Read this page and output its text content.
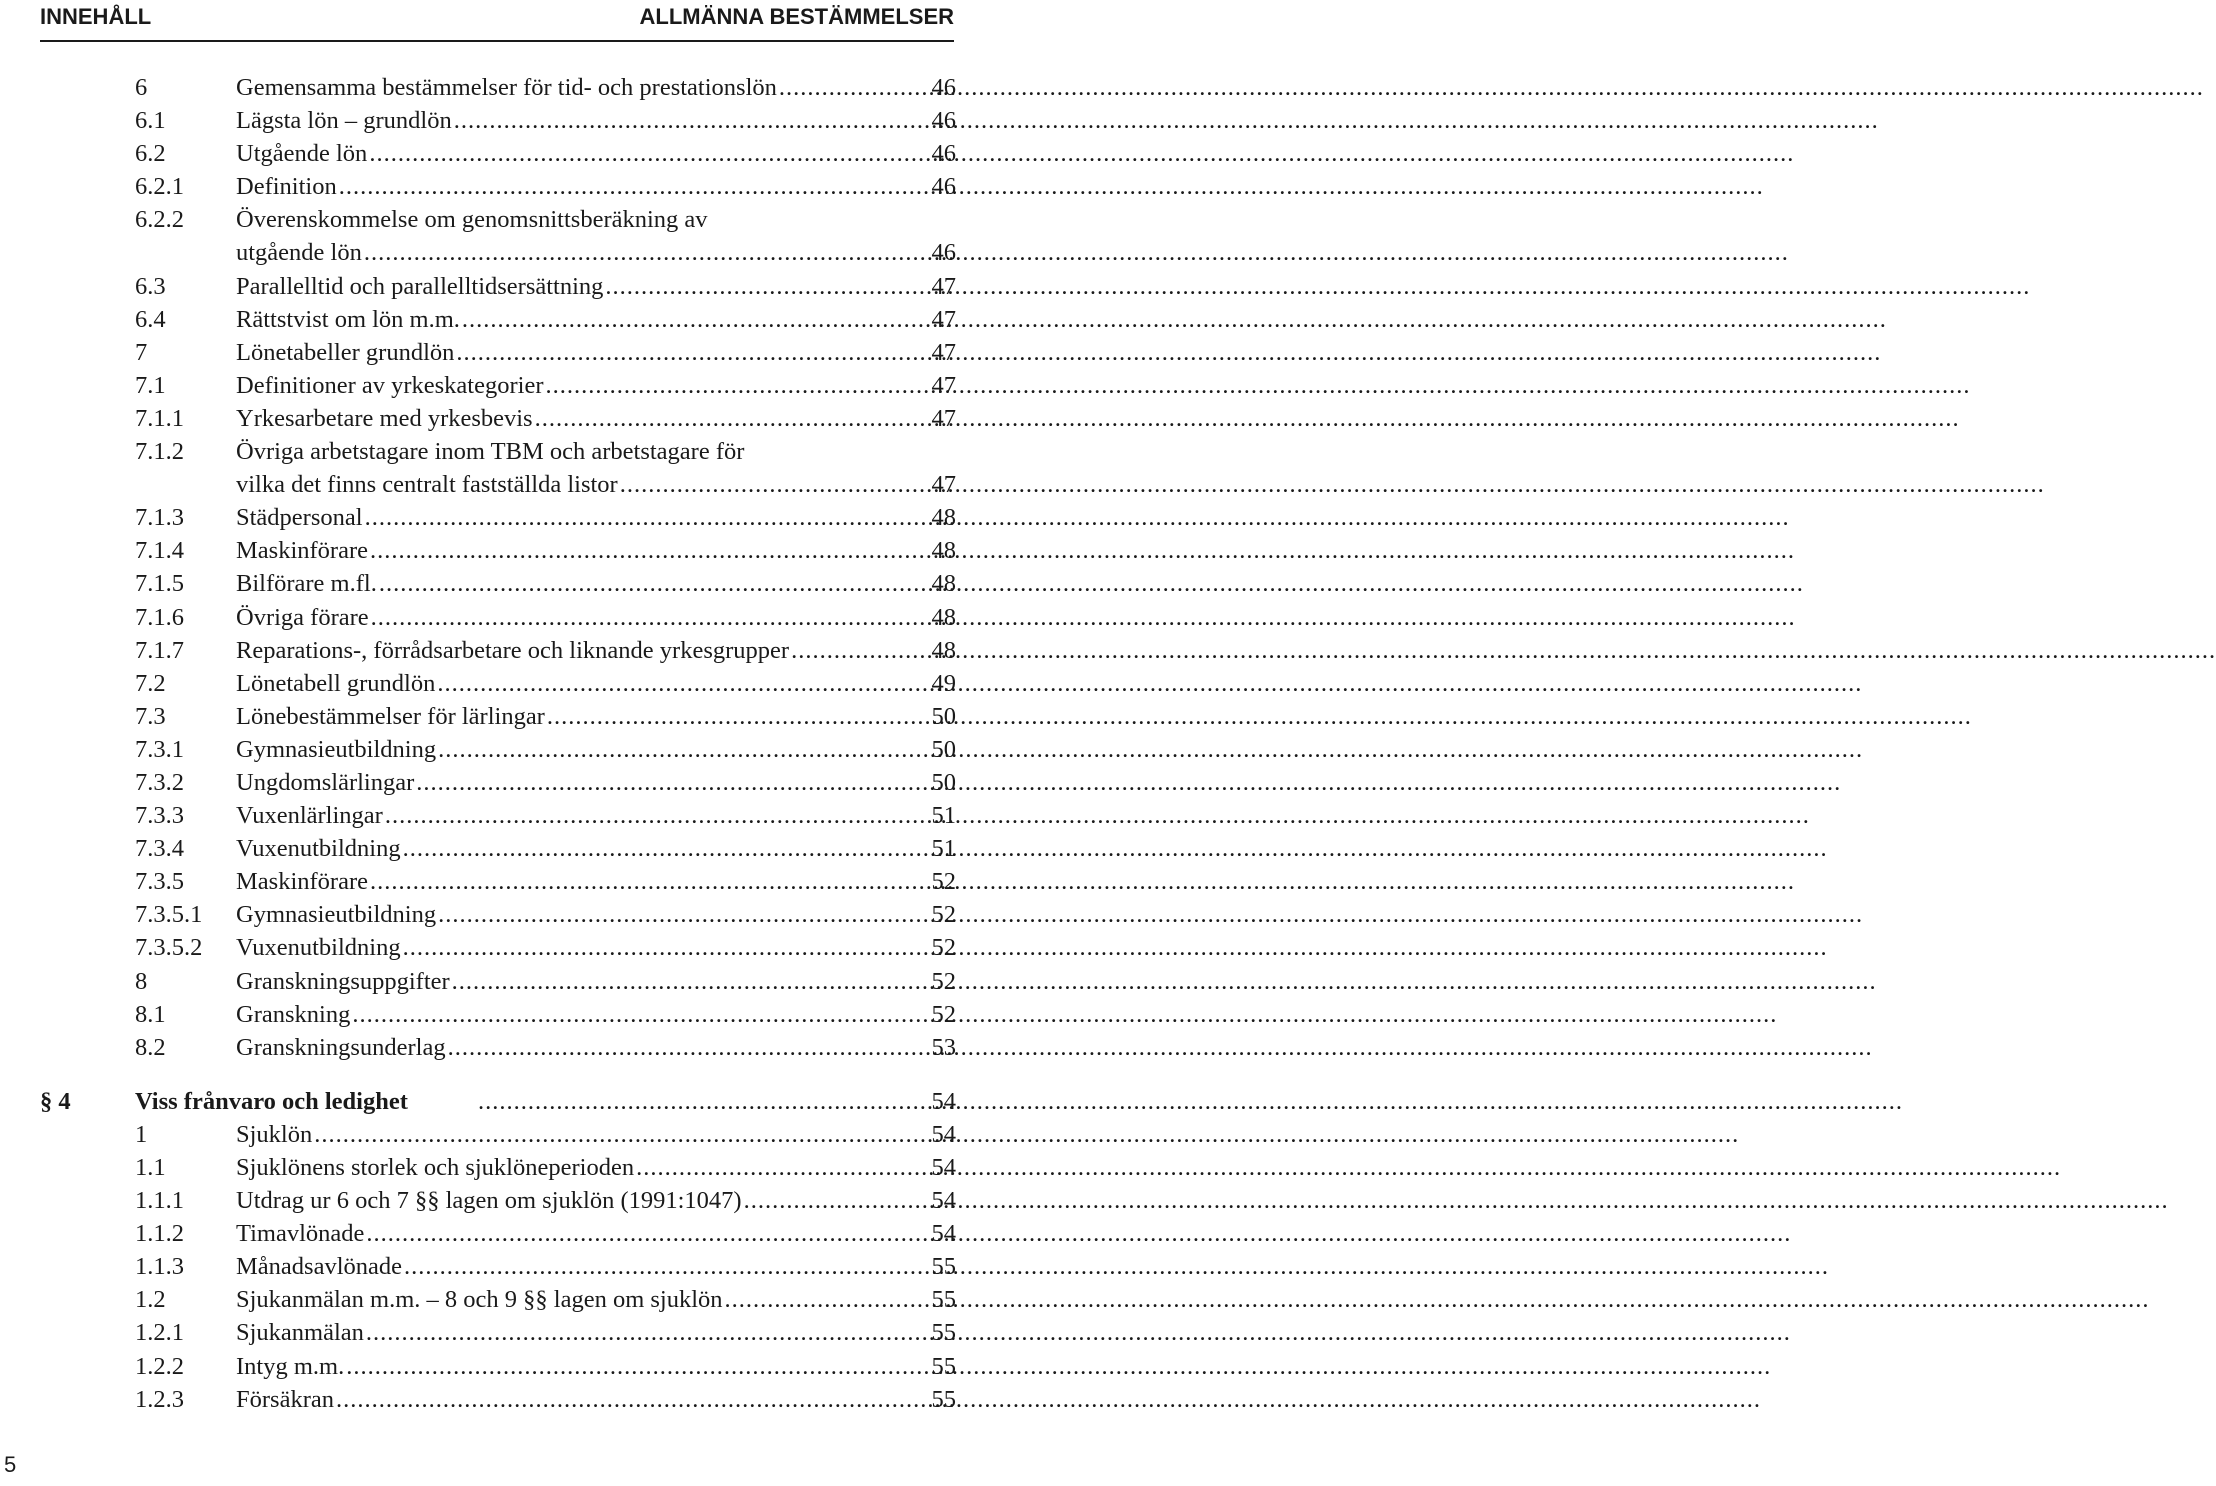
INNEHÅLL	ALLMÄNNA BESTÄMMELSER
6	Gemensamma bestämmelser för tid- och prestationslön .....	46
6.1	Lägsta lön – grundlön .....	46
6.2	Utgående lön .....	46
6.2.1 Definition .....	46
6.2.2 Överenskommelse om genomsnittsberäkning av
utgående lön .....	46
6.3	Parallelltid och parallelltidsersättning .....	47
6.4	Rättstvist om lön m.m. .....	47
7	Lönetabeller grundlön .....	47
7.1	Definitioner av yrkeskategorier .....	47
7.1.1 Yrkesarbetare med yrkesbevis .....	47
7.1.2 Övriga arbetstagare inom TBM och arbetstagare för
vilka det finns centralt fastställda listor .....	47
7.1.3 Städpersonal .....	48
7.1.4 Maskinförare .....	48
7.1.5 Bilförare m.fl. .....	48
7.1.6 Övriga förare .....	48
7.1.7 Reparations-, förrådsarbetare och liknande yrkesgrupper .....	48
7.2	Lönetabell grundlön .....	49
7.3	Lönebestämmelser för lärlingar .....	50
7.3.1 Gymnasieutbildning .....	50
7.3.2 Ungdomslärlingar .....	50
7.3.3 Vuxenlärlingar .....	51
7.3.4 Vuxenutbildning .....	51
7.3.5 Maskinförare .....	52
7.3.5.1 Gymnasieutbildning .....	52
7.3.5.2 Vuxenutbildning .....	52
8	Granskningsuppgifter .....	52
8.1	Granskning .....	52
8.2	Granskningsunderlag .....	53
§ 4	Viss frånvaro och ledighet .....	54
1	Sjuklön .....	54
1.1	Sjuklönens storlek och sjuklöneperioden .....	54
1.1.1 Utdrag ur 6 och 7 §§ lagen om sjuklön (1991:1047) .....	54
1.1.2 Timavlönade .....	54
1.1.3 Månadsavlönade .....	55
1.2	Sjukanmälan m.m. – 8 och 9 §§ lagen om sjuklön .....	55
1.2.1 Sjukanmälan .....	55
1.2.2 Intyg m.m. .....	55
1.2.3 Försäkran .....	55
5
